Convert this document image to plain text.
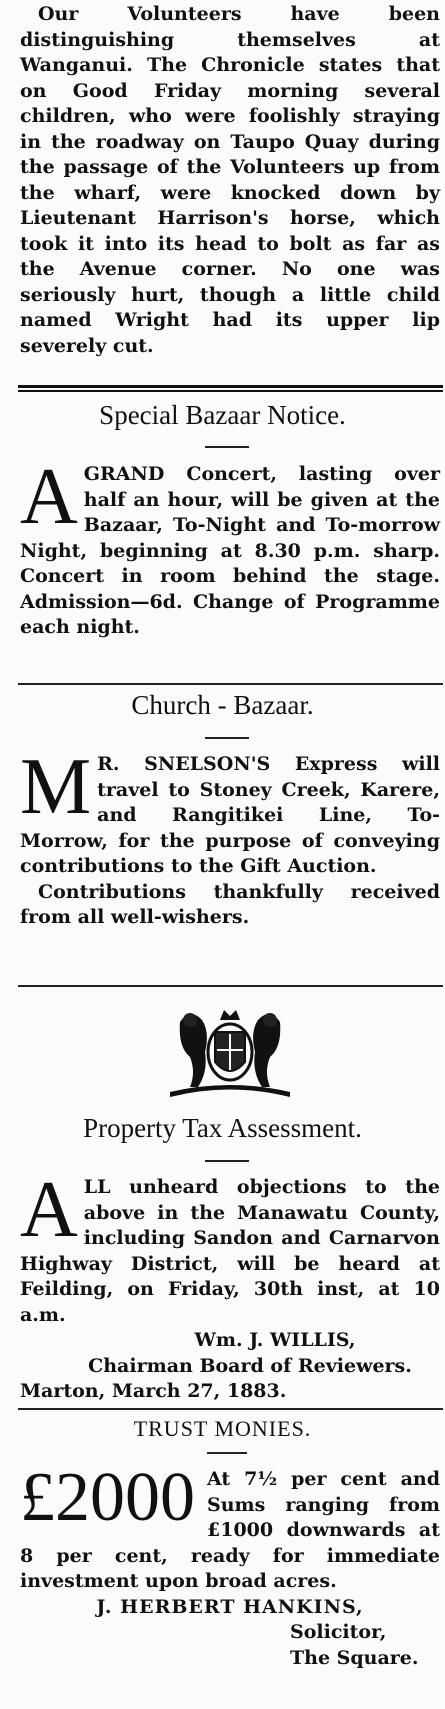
Our Volunteers have been distinguishing themselves at Wanganui. The Chronicle states that on Good Friday morning several children, who were foolishly straying in the roadway on Taupo Quay during the passage of the Volunteers up from the wharf, were knocked down by Lieutenant Harrison's horse, which took it into its head to bolt as far as the Avenue corner. No one was seriously hurt, though a little child named Wright had its upper lip severely cut.

Special Bazaar Notice.
A GRAND Concert, lasting over half an hour, will be given at the Bazaar, To-Night and To-morrow Night, beginning at 8.30 p.m. sharp. Concert in room behind the stage. Admission—6d. Change of Programme each night.

Church - Bazaar.
M R. SNELSON'S Express will travel to Stoney Creek, Karere, and Rangitikei Line, To-Morrow, for the purpose of conveying contributions to the Gift Auction.

Contributions thankfully received from all well-wishers.

Property Tax Assessment.
A LL unheard objections to the above in the Manawatu County, including Sandon and Carnarvon Highway District, will be heard at Feilding, on Friday, 30th inst, at 10 a.m.

Wm. J. WILLIS,

Chairman Board of Reviewers.

Marton, March 27, 1883.

TRUST MONIES.
£2000 At 7½ per cent and Sums ranging from £1000 downwards at 8 per cent, ready for immediate investment upon broad acres.

J. HERBERT HANKINS,

Solicitor,

The Square.
